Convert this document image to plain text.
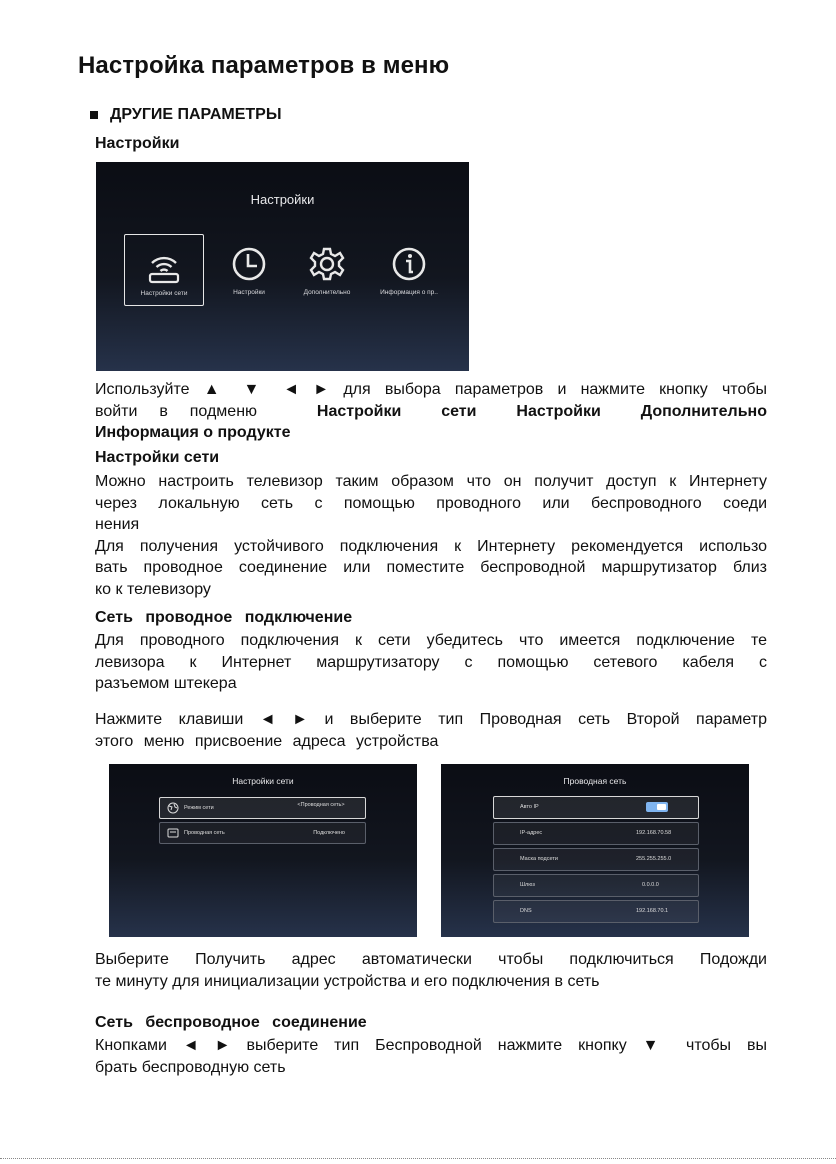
Настройка параметров в меню
ДРУГИЕ ПАРАМЕТРЫ
Настройки
Настройки
Настройки сети	Настройки	Дополнительно	Информация о пр..

Используйте ▲ ▼ ◄ ► для выбора параметров и нажмите кнопку чтобы

войти в подменю	Настройки сети Настройки Дополнительно

Информация о продукте

Настройки сети

Можно настроить телевизор таким образом что он получит доступ к Интернету

через локальную сеть с помощью проводного или беспроводного соеди

нения

Для получения устойчивого подключения к Интернету рекомендуется использо

вать проводное соединение или поместите беспроводной маршрутизатор близ

ко к телевизору

Сеть проводное подключение

Для проводного подключения к сети убедитесь что имеется подключение те

левизора к Интернет маршрутизатору с помощью сетевого кабеля с

разъемом штекера

Нажмите клавиши ◄ ► и выберите тип Проводная сеть Второй параметр

этого меню присвоение адреса устройства

Настройки сети
Режим сети	<Проводная сеть>
Проводная сеть	Подключено
Проводная сеть
Авто IP
IP-адрес	192.168.70.58
Маска подсети	255.255.255.0
Шлюз	0.0.0.0
DNS	192.168.70.1

Выберите Получить адрес автоматически чтобы подключиться Подожди

те минуту для инициализации устройства и его подключения в сеть

Сеть беспроводное соединение

Кнопками ◄ ► выберите тип Беспроводной нажмите кнопку ▼ чтобы вы

брать беспроводную сеть
